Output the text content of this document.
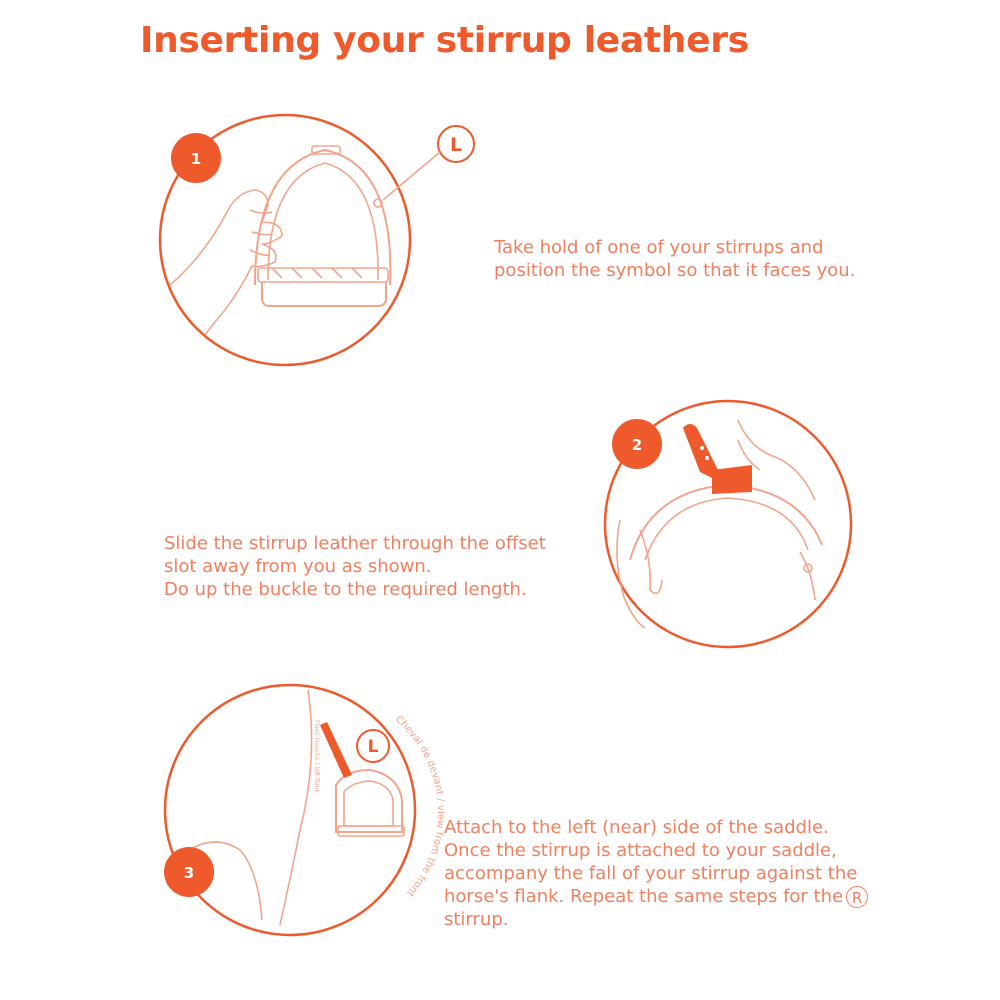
Inserting your stirrup leathers
1
L
2
L
Flanc Gauche / left flank	Cheval de devant / view from the front
3
Take hold of one of your stirrups and
position the symbol so that it faces you.
Slide the stirrup leather through the offset
slot away from you as shown.
Do up the buckle to the required length.
Attach to the left (near) side of the saddle.
Once the stirrup is attached to your saddle,
accompany the fall of your stirrup against the
horse's flank. Repeat the same steps for the R
stirrup.
